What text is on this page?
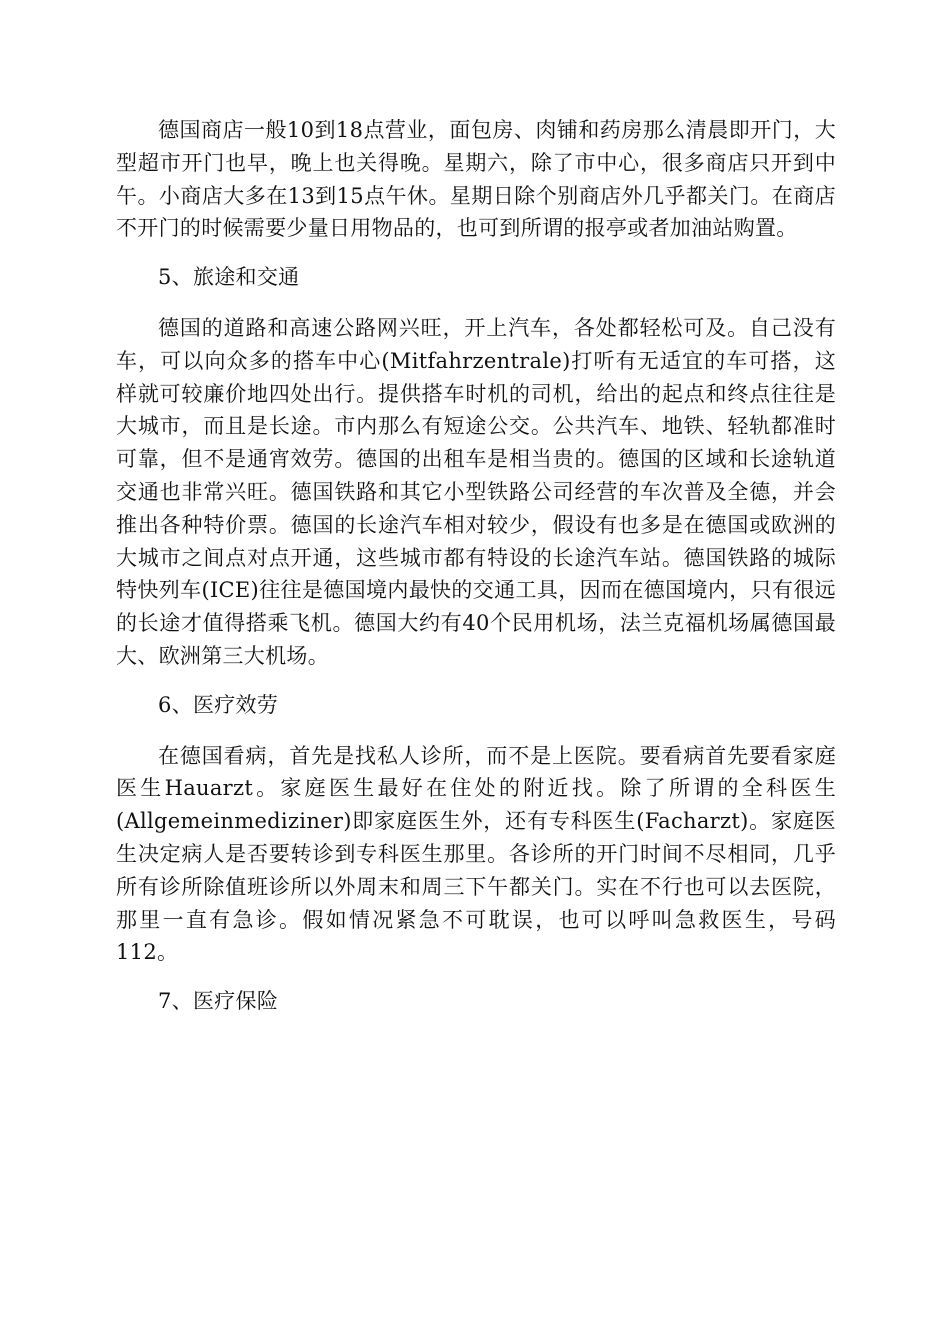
德国商店一般10到18点营业，面包房、肉铺和药房那么清晨即开门，大型超市开门也早，晚上也关得晚。星期六，除了市中心，很多商店只开到中午。小商店大多在13到15点午休。星期日除个别商店外几乎都关门。在商店不开门的时候需要少量日用物品的，也可到所谓的报亭或者加油站购置。

5、旅途和交通

德国的道路和高速公路网兴旺，开上汽车，各处都轻松可及。自己没有车，可以向众多的搭车中心(Mitfahrzentrale)打听有无适宜的车可搭，这样就可较廉价地四处出行。提供搭车时机的司机，给出的起点和终点往往是大城市，而且是长途。市内那么有短途公交。公共汽车、地铁、轻轨都准时可靠，但不是通宵效劳。德国的出租车是相当贵的。德国的区域和长途轨道交通也非常兴旺。德国铁路和其它小型铁路公司经营的车次普及全德，并会推出各种特价票。德国的长途汽车相对较少，假设有也多是在德国或欧洲的大城市之间点对点开通，这些城市都有特设的长途汽车站。德国铁路的城际特快列车(ICE)往往是德国境内最快的交通工具，因而在德国境内，只有很远的长途才值得搭乘飞机。德国大约有40个民用机场，法兰克福机场属德国最大、欧洲第三大机场。

6、医疗效劳

在德国看病，首先是找私人诊所，而不是上医院。要看病首先要看家庭医生Hauarzt。家庭医生最好在住处的附近找。除了所谓的全科医生(Allgemeinmediziner)即家庭医生外，还有专科医生(Facharzt)。家庭医生决定病人是否要转诊到专科医生那里。各诊所的开门时间不尽相同，几乎所有诊所除值班诊所以外周末和周三下午都关门。实在不行也可以去医院，那里一直有急诊。假如情况紧急不可耽误，也可以呼叫急救医生，号码112。

7、医疗保险
